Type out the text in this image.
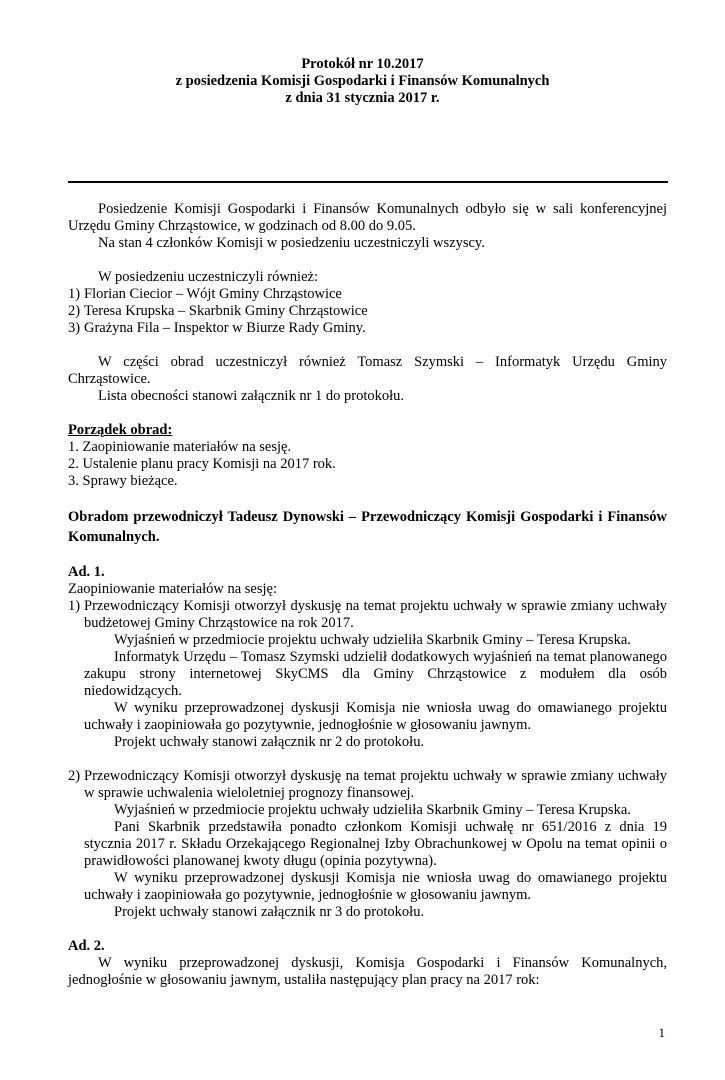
Protokół nr 10.2017
z posiedzenia Komisji Gospodarki i Finansów Komunalnych
z dnia 31 stycznia 2017 r.

Posiedzenie Komisji Gospodarki i Finansów Komunalnych odbyło się w sali konferencyjnej Urzędu Gminy Chrząstowice, w godzinach od 8.00 do 9.05.

Na stan 4 członków Komisji w posiedzeniu uczestniczyli wszyscy.

W posiedzeniu uczestniczyli również:

1) Florian Ciecior – Wójt Gminy Chrząstowice
2) Teresa Krupska – Skarbnik Gminy Chrząstowice
3) Grażyna Fila – Inspektor w Biurze Rady Gminy.

W części obrad uczestniczył również Tomasz Szymski – Informatyk Urzędu Gminy Chrząstowice.

Lista obecności stanowi załącznik nr 1 do protokołu.

Porządek obrad:

1. Zaopiniowanie materiałów na sesję.

2. Ustalenie planu pracy Komisji na 2017 rok.

3. Sprawy bieżące.

Obradom przewodniczył Tadeusz Dynowski – Przewodniczący Komisji Gospodarki i Finansów Komunalnych.

Ad. 1.

Zaopiniowanie materiałów na sesję:

1) Przewodniczący Komisji otworzył dyskusję na temat projektu uchwały w sprawie zmiany uchwały budżetowej Gminy Chrząstowice na rok 2017.

Wyjaśnień w przedmiocie projektu uchwały udzieliła Skarbnik Gminy – Teresa Krupska.

Informatyk Urzędu – Tomasz Szymski udzielił dodatkowych wyjaśnień na temat planowanego zakupu strony internetowej SkyCMS dla Gminy Chrząstowice z modułem dla osób niedowidzących.

W wyniku przeprowadzonej dyskusji Komisja nie wniosła uwag do omawianego projektu uchwały i zaopiniowała go pozytywnie, jednogłośnie w głosowaniu jawnym.

Projekt uchwały stanowi załącznik nr 2 do protokołu.

2) Przewodniczący Komisji otworzył dyskusję na temat projektu uchwały w sprawie zmiany uchwały w sprawie uchwalenia wieloletniej prognozy finansowej.

Wyjaśnień w przedmiocie projektu uchwały udzieliła Skarbnik Gminy – Teresa Krupska.

Pani Skarbnik przedstawiła ponadto członkom Komisji uchwałę nr 651/2016 z dnia 19 stycznia 2017 r. Składu Orzekającego Regionalnej Izby Obrachunkowej w Opolu na temat opinii o prawidłowości planowanej kwoty długu (opinia pozytywna).

W wyniku przeprowadzonej dyskusji Komisja nie wniosła uwag do omawianego projektu uchwały i zaopiniowała go pozytywnie, jednogłośnie w głosowaniu jawnym.

Projekt uchwały stanowi załącznik nr 3 do protokołu.

Ad. 2.

W wyniku przeprowadzonej dyskusji, Komisja Gospodarki i Finansów Komunalnych, jednogłośnie w głosowaniu jawnym, ustaliła następujący plan pracy na 2017 rok:

1
